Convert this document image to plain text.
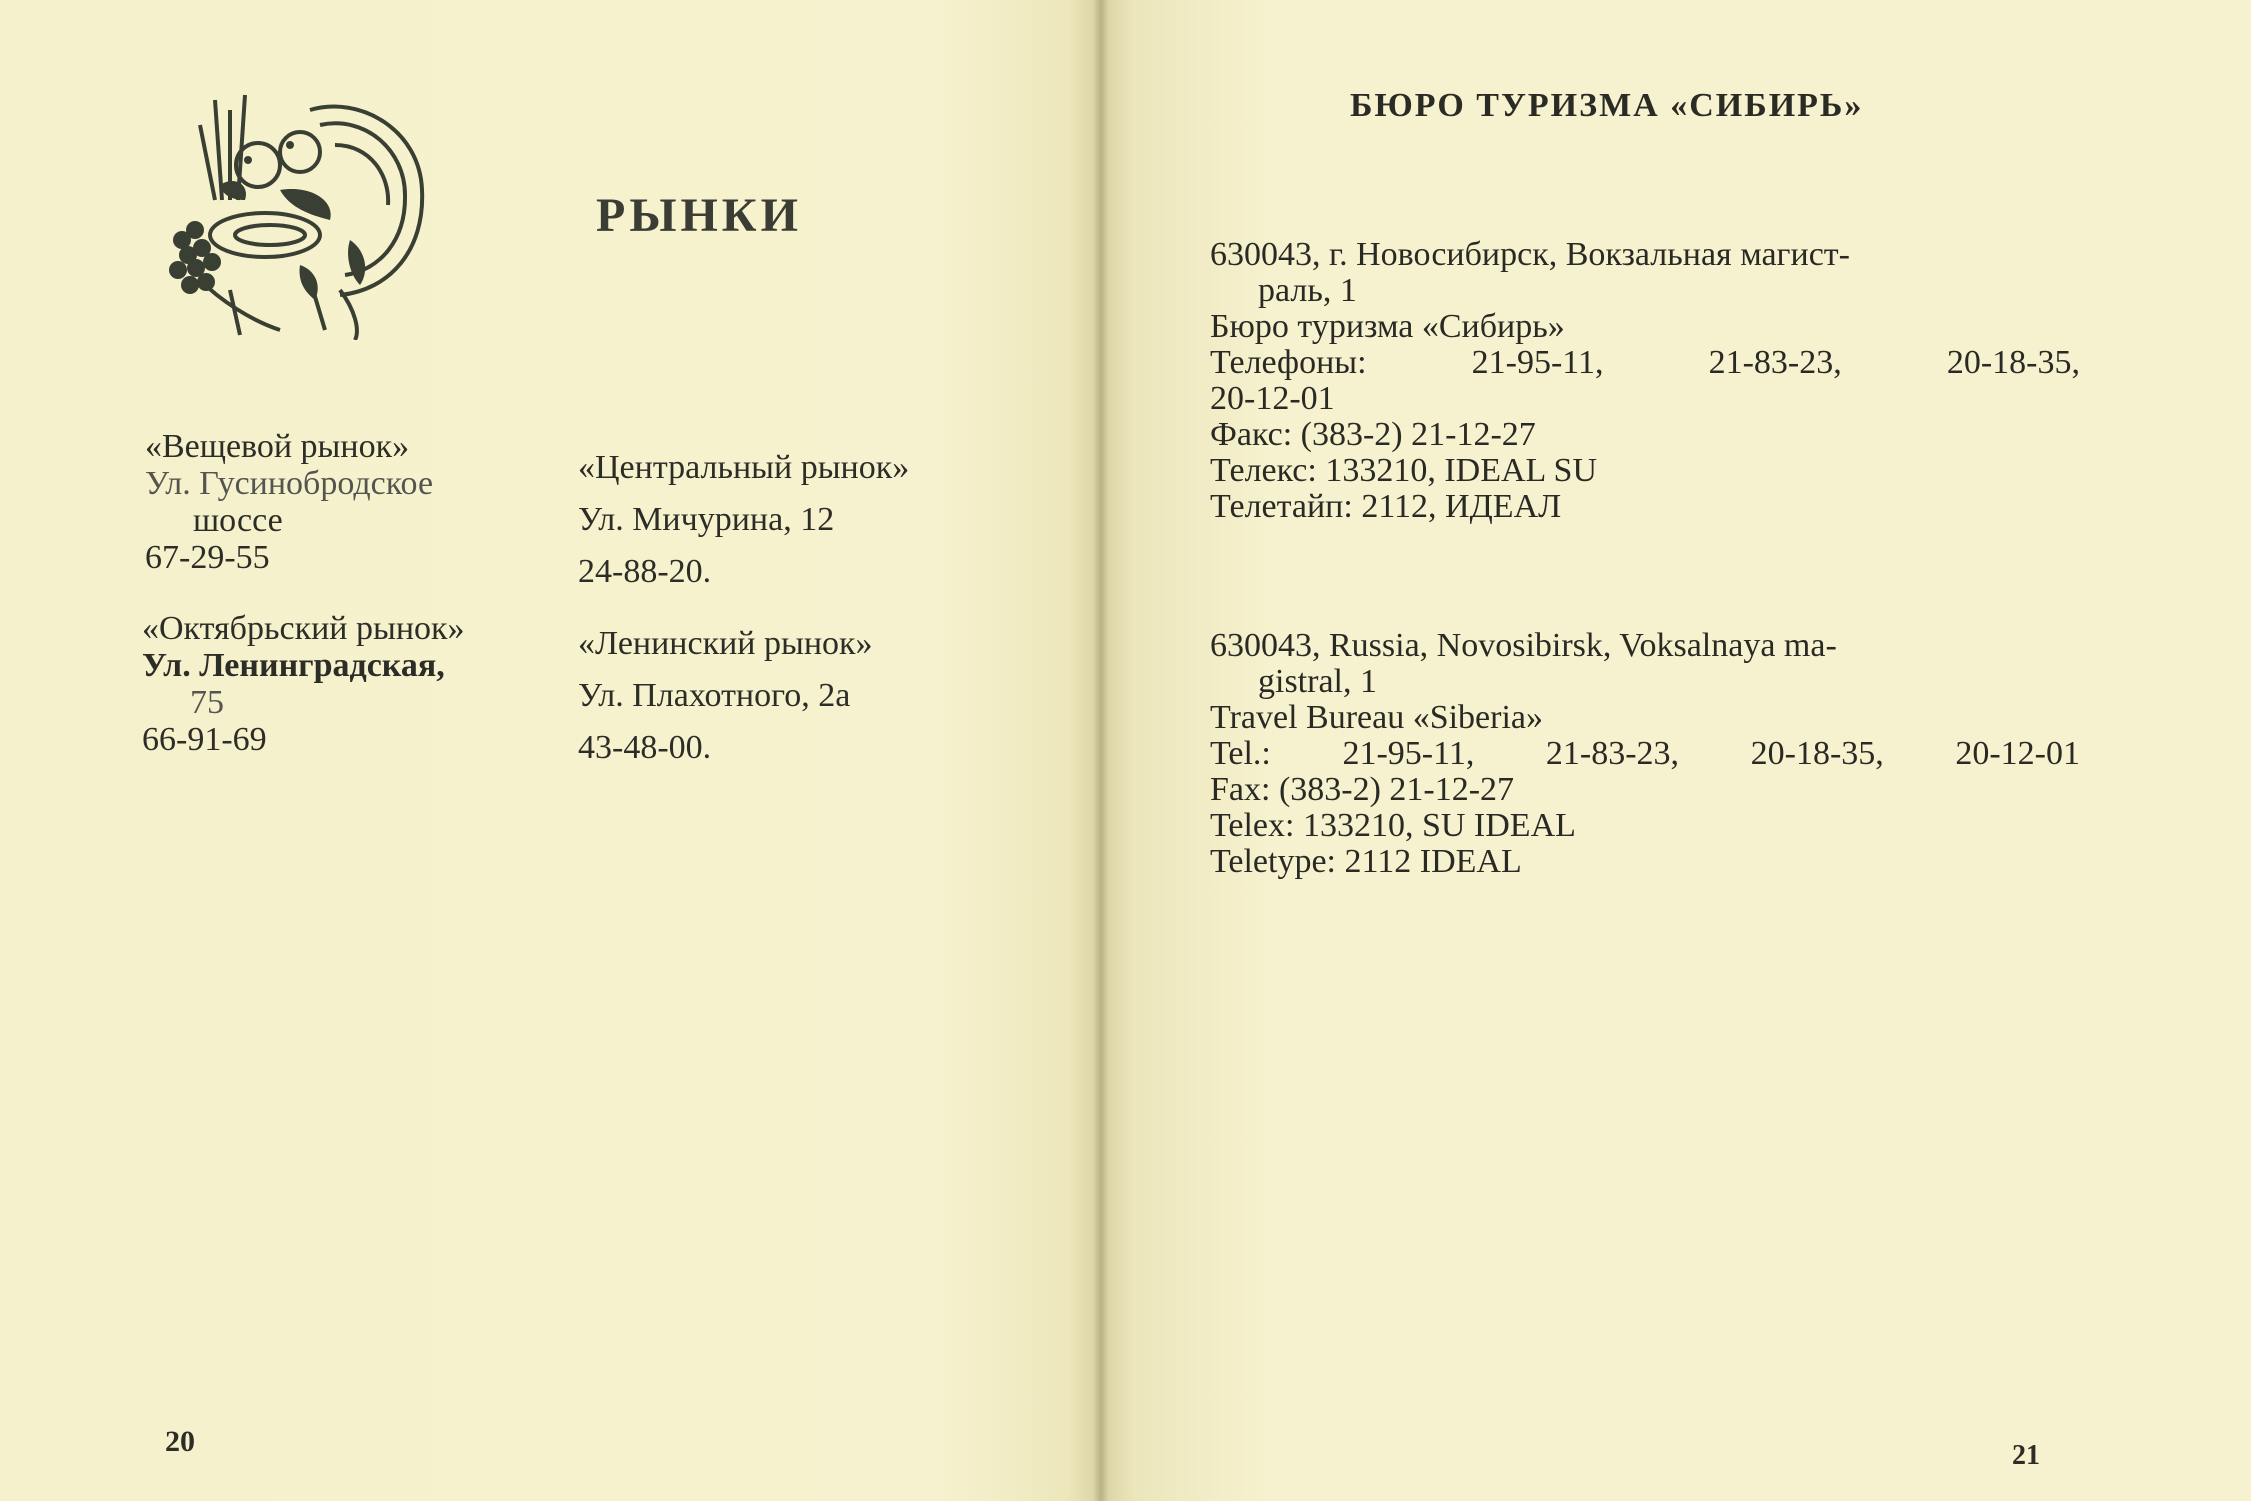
РЫНКИ
«Вещевой рынок»
Ул. Гусинобродское
шоссе
67-29-55
«Центральный рынок»
Ул. Мичурина, 12
24-88-20.
«Октябрьский рынок»
Ул. Ленинградская,
75
66-91-69
«Ленинский рынок»
Ул. Плахотного, 2а
43-48-00.
20	21
БЮРО ТУРИЗМА «СИБИРЬ»
630043, г. Новосибирск, Вокзальная магист-
раль, 1
Бюро туризма «Сибирь»
Телефоны:	21-95-11,	21-83-23,	20-18-35,
20-12-01
Факс: (383-2) 21-12-27
Телекс: 133210, IDEAL SU
Телетайп: 2112, ИДЕАЛ
630043, Russia, Novosibirsk, Voksalnaya ma-
gistral, 1
Travel Bureau «Siberia»
Tel.: 21-95-11, 21-83-23, 20-18-35, 20-12-01
Fax: (383-2) 21-12-27
Telex: 133210, SU IDEAL
Teletype: 2112 IDEAL
